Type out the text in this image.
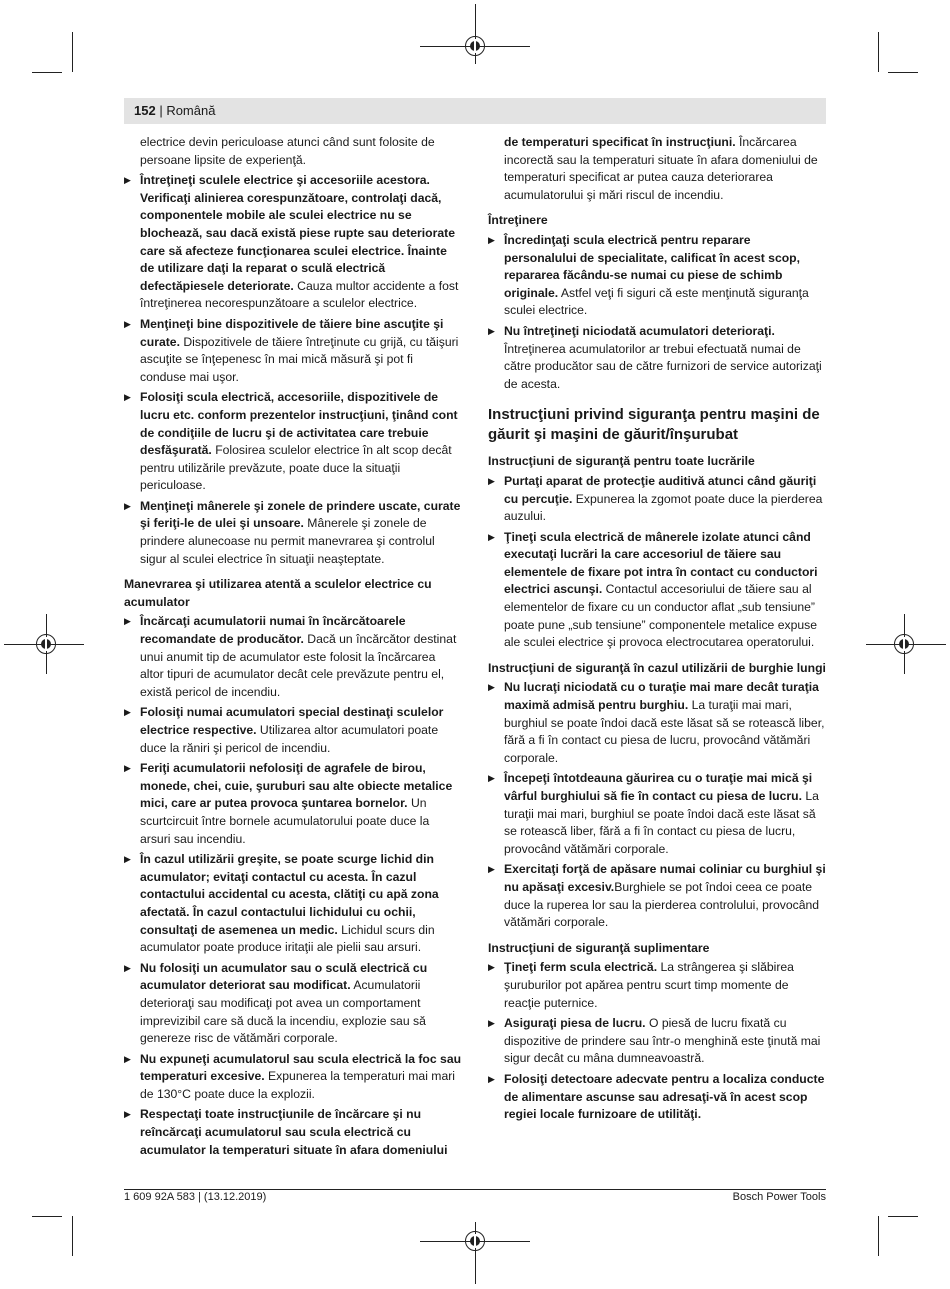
152 | Română
electrice devin periculoase atunci când sunt folosite de persoane lipsite de experienţă.
▶ Întreţineţi sculele electrice şi accesoriile acestora. Verificaţi alinierea corespunzătoare, controlaţi dacă, componentele mobile ale sculei electrice nu se blochează, sau dacă există piese rupte sau deteriorate care să afecteze funcţionarea sculei electrice. Înainte de utilizare daţi la reparat o sculă electrică defectăpiesele deteriorate. Cauza multor accidente a fost întreţinerea necorespunzătoare a sculelor electrice.
▶ Menţineţi bine dispozitivele de tăiere bine ascuţite şi curate. Dispozitivele de tăiere întreţinute cu grijă, cu tăişuri ascuţite se înţepenesc în mai mică măsură şi pot fi conduse mai uşor.
▶ Folosiţi scula electrică, accesoriile, dispozitivele de lucru etc. conform prezentelor instrucţiuni, ţinând cont de condiţiile de lucru şi de activitatea care trebuie desfăşurată. Folosirea sculelor electrice în alt scop decât pentru utilizările prevăzute, poate duce la situaţii periculoase.
▶ Menţineţi mânerele şi zonele de prindere uscate, curate şi feriţi-le de ulei şi unsoare. Mânerele şi zonele de prindere alunecoase nu permit manevrarea şi controlul sigur al sculei electrice în situaţii neaşteptate.
Manevrarea şi utilizarea atentă a sculelor electrice cu acumulator
▶ Încărcaţi acumulatorii numai în încărcătoarele recomandate de producător. Dacă un încărcător destinat unui anumit tip de acumulator este folosit la încărcarea altor tipuri de acumulator decât cele prevăzute pentru el, există pericol de incendiu.
▶ Folosiţi numai acumulatori special destinaţi sculelor electrice respective. Utilizarea altor acumulatori poate duce la răniri şi pericol de incendiu.
▶ Feriţi acumulatorii nefolosiţi de agrafele de birou, monede, chei, cuie, şuruburi sau alte obiecte metalice mici, care ar putea provoca şuntarea bornelor. Un scurtcircuit între bornele acumulatorului poate duce la arsuri sau incendiu.
▶ În cazul utilizării greşite, se poate scurge lichid din acumulator; evitaţi contactul cu acesta. În cazul contactului accidental cu acesta, clătiţi cu apă zona afectată. În cazul contactului lichidului cu ochii, consultaţi de asemenea un medic. Lichidul scurs din acumulator poate produce iritaţii ale pielii sau arsuri.
▶ Nu folosiţi un acumulator sau o sculă electrică cu acumulator deteriorat sau modificat. Acumulatorii deterioraţi sau modificaţi pot avea un comportament imprevizibil care să ducă la incendiu, explozie sau să genereze risc de vătămări corporale.
▶ Nu expuneţi acumulatorul sau scula electrică la foc sau temperaturi excesive. Expunerea la temperaturi mai mari de 130°C poate duce la explozii.
▶ Respectaţi toate instrucţiunile de încărcare şi nu reîncărcaţi acumulatorul sau scula electrică cu acumulator la temperaturi situate în afara domeniului
de temperaturi specificat în instrucţiuni. Încărcarea incorectă sau la temperaturi situate în afara domeniului de temperaturi specificat ar putea cauza deteriorarea acumulatorului şi mări riscul de incendiu.
Întreţinere
▶ Încredinţaţi scula electrică pentru reparare personalului de specialitate, calificat în acest scop, repararea făcându-se numai cu piese de schimb originale. Astfel veţi fi siguri că este menţinută siguranţa sculei electrice.
▶ Nu întreţineţi niciodată acumulatori deterioraţi. Întreţinerea acumulatorilor ar trebui efectuată numai de către producător sau de către furnizori de service autorizaţi de acesta.
Instrucţiuni privind siguranţa pentru maşini de găurit şi maşini de găurit/înşurubat
Instrucţiuni de siguranţă pentru toate lucrările
▶ Purtaţi aparat de protecţie auditivă atunci când găuriţi cu percuţie. Expunerea la zgomot poate duce la pierderea auzului.
▶ Ţineţi scula electrică de mânerele izolate atunci când executaţi lucrări la care accesoriul de tăiere sau elementele de fixare pot intra în contact cu conductori electrici ascunşi. Contactul accesoriului de tăiere sau al elementelor de fixare cu un conductor aflat „sub tensiune” poate pune „sub tensiune” componentele metalice expuse ale sculei electrice şi provoca electrocutarea operatorului.
Instrucţiuni de siguranţă în cazul utilizării de burghie lungi
▶ Nu lucraţi niciodată cu o turaţie mai mare decât turaţia maximă admisă pentru burghiu. La turaţii mai mari, burghiul se poate îndoi dacă este lăsat să se rotească liber, fără a fi în contact cu piesa de lucru, provocând vătămări corporale.
▶ Începeţi întotdeauna găurirea cu o turaţie mai mică şi vârful burghiului să fie în contact cu piesa de lucru. La turaţii mai mari, burghiul se poate îndoi dacă este lăsat să se rotească liber, fără a fi în contact cu piesa de lucru, provocând vătămări corporale.
▶ Exercitaţi forţă de apăsare numai coliniar cu burghiul şi nu apăsaţi excesiv.Burghiele se pot îndoi ceea ce poate duce la ruperea lor sau la pierderea controlului, provocând vătămări corporale.
Instrucţiuni de siguranţă suplimentare
▶ Ţineţi ferm scula electrică. La strângerea şi slăbirea şuruburilor pot apărea pentru scurt timp momente de reacţie puternice.
▶ Asiguraţi piesa de lucru. O piesă de lucru fixată cu dispozitive de prindere sau într-o menghină este ţinută mai sigur decât cu mâna dumneavoastră.
▶ Folosiţi detectoare adecvate pentru a localiza conducte de alimentare ascunse sau adresaţi-vă în acest scop regiei locale furnizoare de utilităţi.
1 609 92A 583 | (13.12.2019)	Bosch Power Tools
